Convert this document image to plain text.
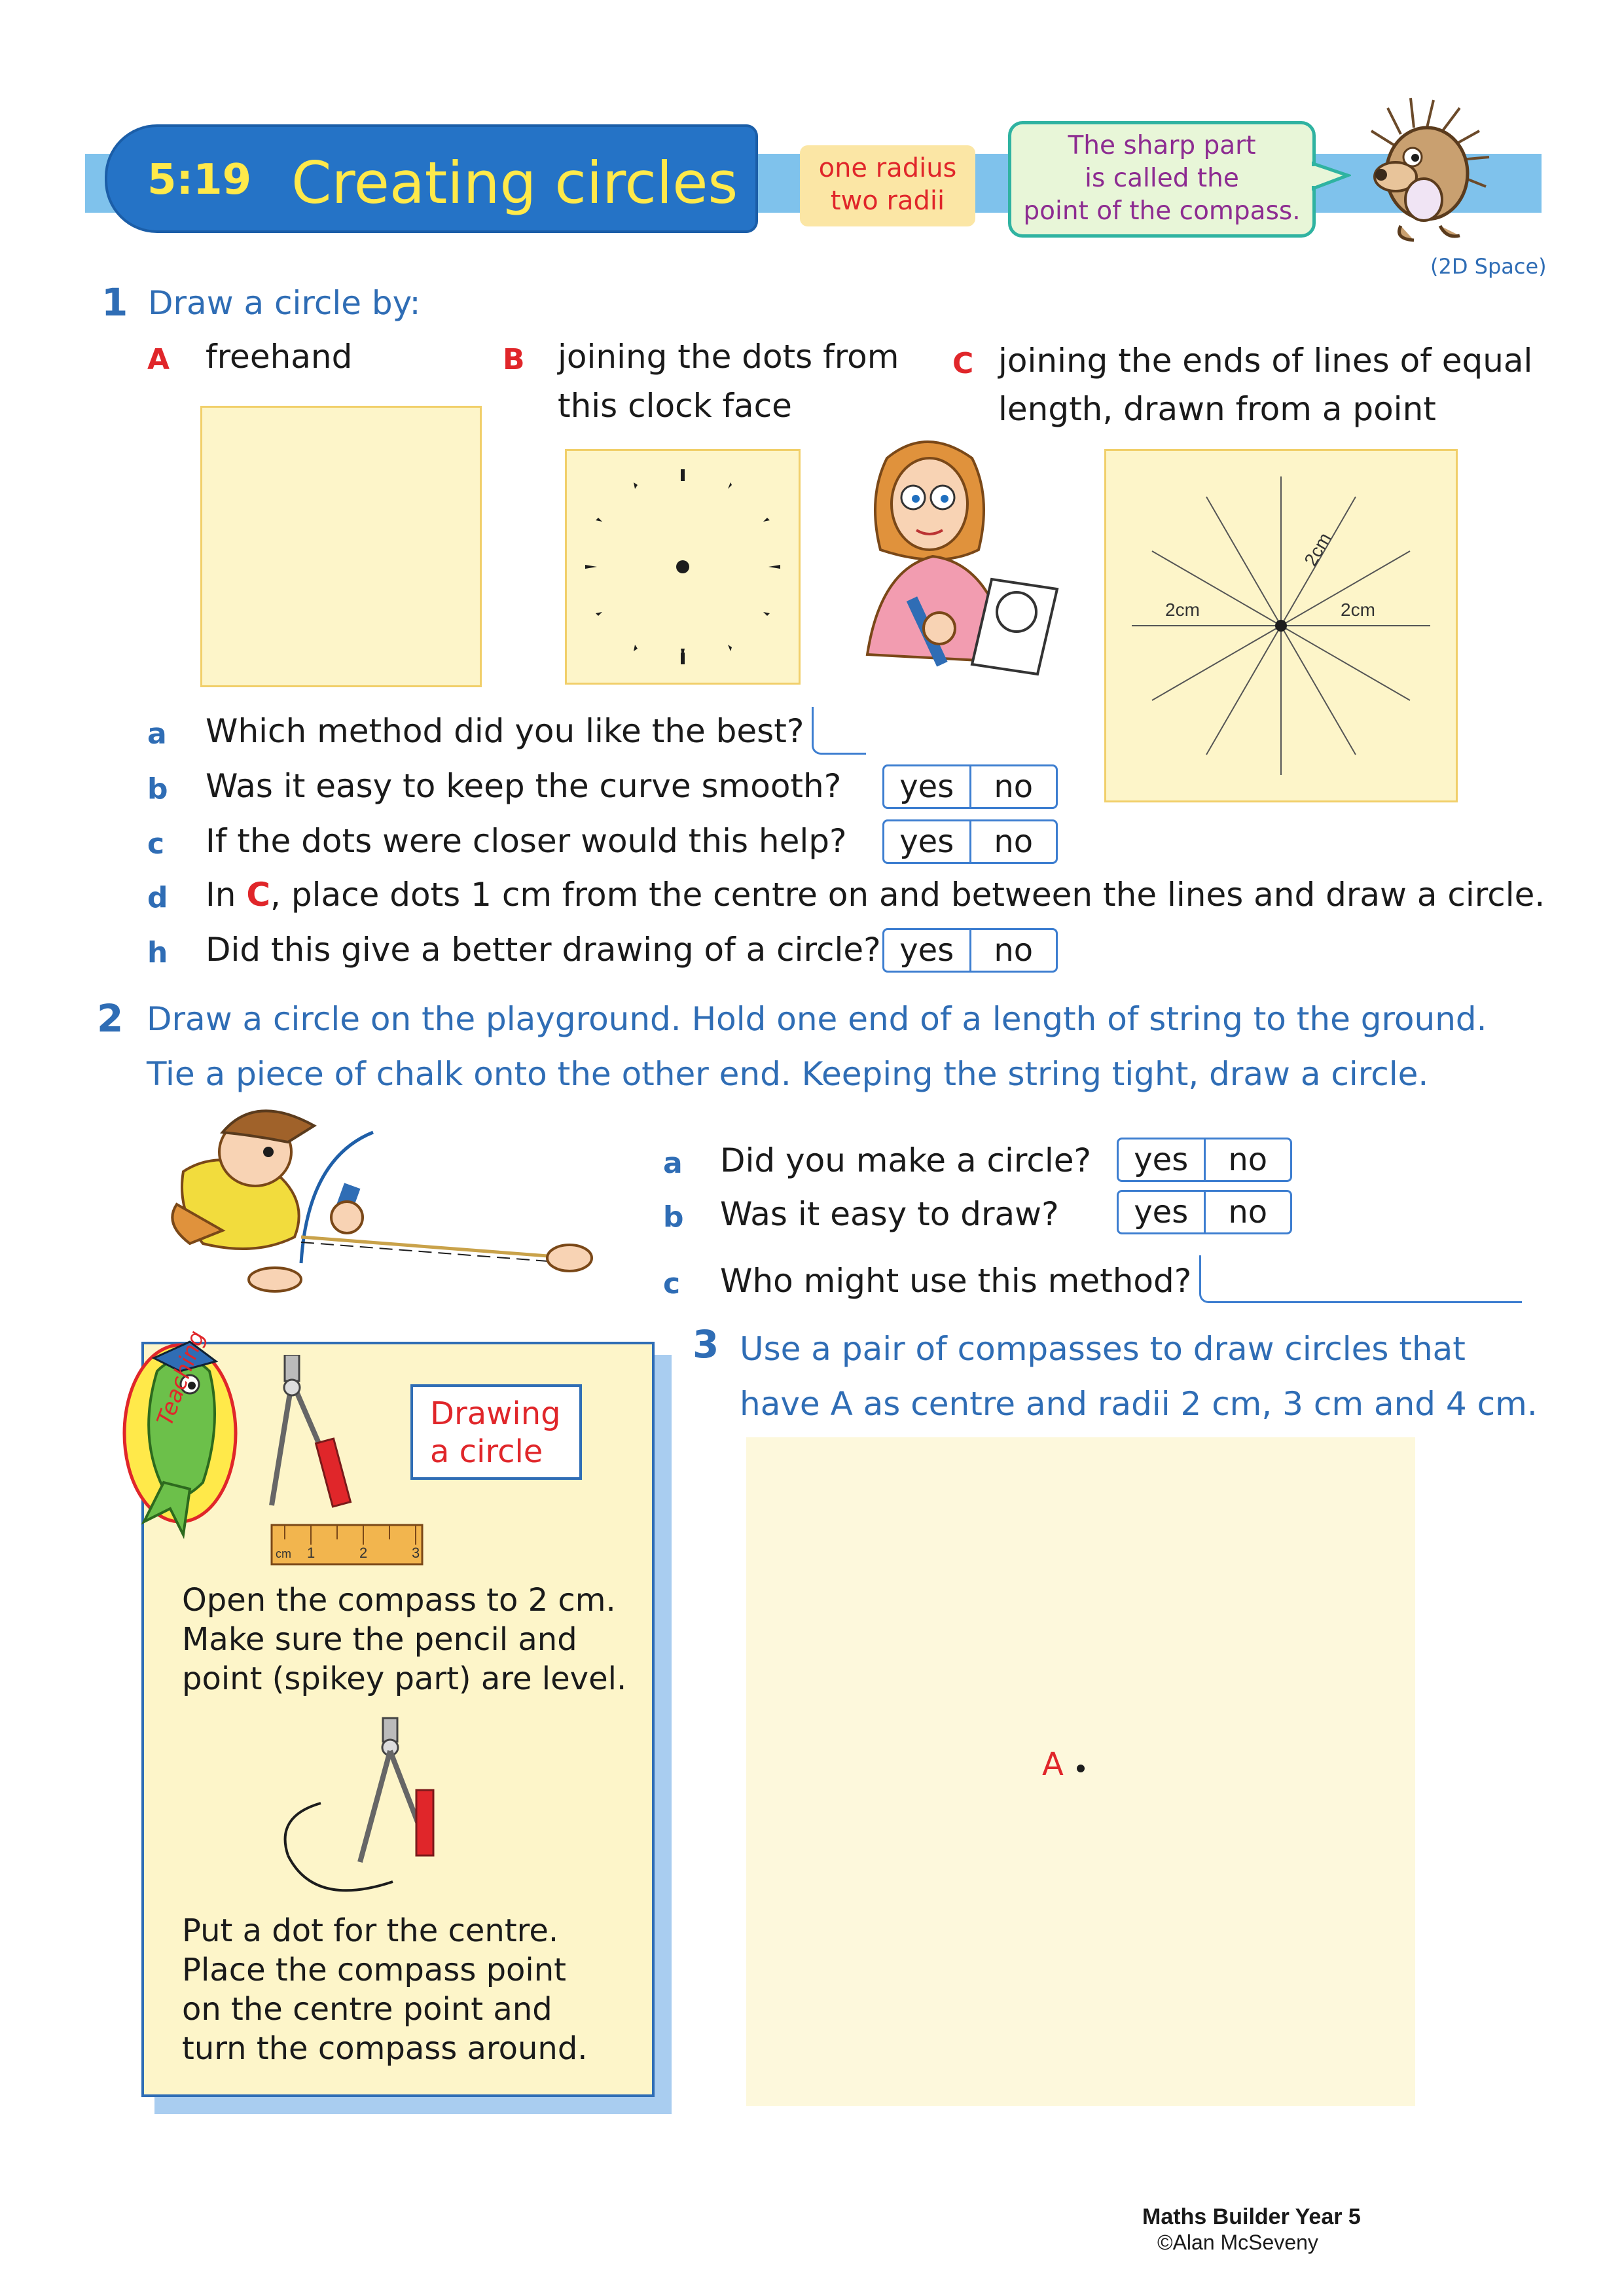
5:19 Creating circles	one radius
two radii
The sharp part
is called the
point of the compass.
(2D Space)
1 Draw a circle by:
A freehand	B joining the dots from
this clock face
C joining the ends of lines of equal
length, drawn from a point
2cm	2cm
2cm
a Which method did you like the best?
b Was it easy to keep the curve smooth?	yes	no
c If the dots were closer would this help?	yes	no
d In C, place dots 1 cm from the centre on and between the lines and draw a circle.
h Did this give a better drawing of a circle? yes	no
2 Draw a circle on the playground. Hold one end of a length of string to the ground.
Tie a piece of chalk onto the other end. Keeping the string tight, draw a circle.
a Did you make a circle?	yes	no
b Was it easy to draw?	yes	no
c Who might use this method?
Teaching
cm 1	2	3
Drawing
a circle
Open the compass to 2 cm.
Make sure the pencil and
point (spikey part) are level.
Put a dot for the centre.
Place the compass point
on the centre point and
turn the compass around.
3 Use a pair of compasses to draw circles that
have A as centre and radii 2 cm, 3 cm and 4 cm.
A
Maths Builder Year 5
©Alan McSeveny
